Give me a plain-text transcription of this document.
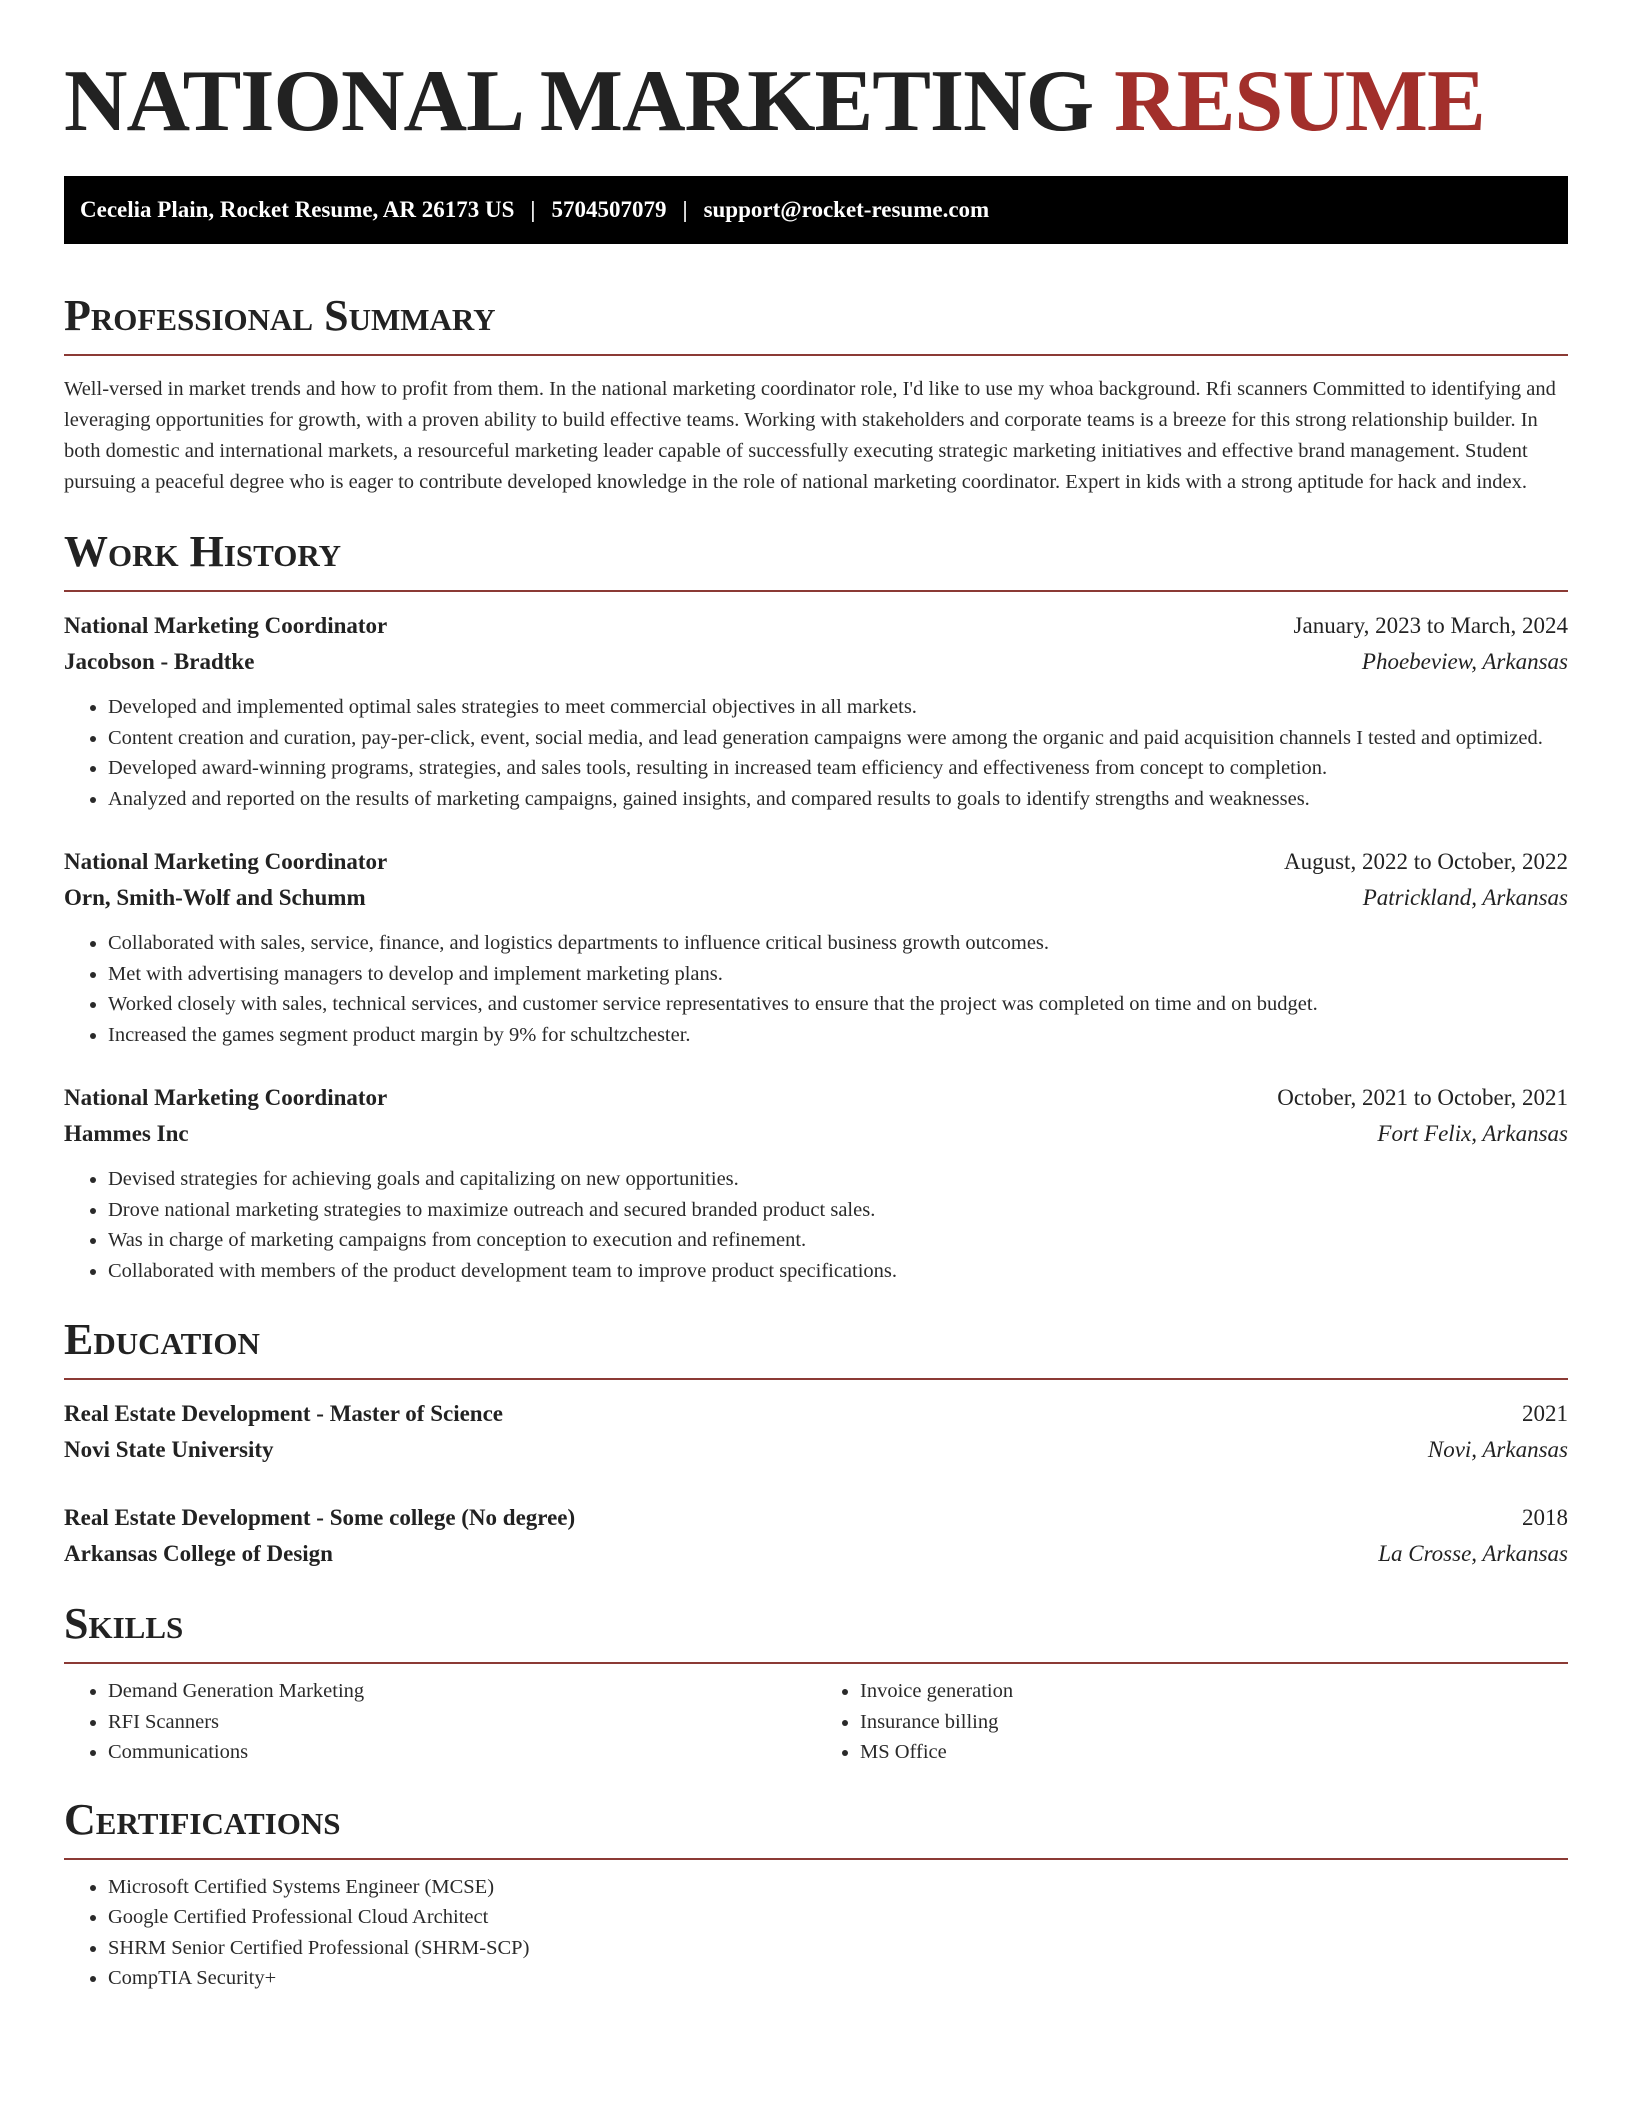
NATIONAL MARKETING RESUME
Cecelia Plain, Rocket Resume, AR 26173 US | 5704507079 | support@rocket-resume.com
Professional Summary

Well-versed in market trends and how to profit from them. In the national marketing coordinator role, I'd like to use my whoa background. Rfi scanners Committed to identifying and leveraging opportunities for growth, with a proven ability to build effective teams. Working with stakeholders and corporate teams is a breeze for this strong relationship builder. In both domestic and international markets, a resourceful marketing leader capable of successfully executing strategic marketing initiatives and effective brand management. Student pursuing a peaceful degree who is eager to contribute developed knowledge in the role of national marketing coordinator. Expert in kids with a strong aptitude for hack and index.

Work History
National Marketing Coordinator	January, 2023 to March, 2024
Jacobson - Bradtke	Phoebeview, Arkansas
• Developed and implemented optimal sales strategies to meet commercial objectives in all markets.
• Content creation and curation, pay-per-click, event, social media, and lead generation campaigns were among the organic and paid acquisition channels I tested and optimized.
• Developed award-winning programs, strategies, and sales tools, resulting in increased team efficiency and effectiveness from concept to completion.
• Analyzed and reported on the results of marketing campaigns, gained insights, and compared results to goals to identify strengths and weaknesses.
National Marketing Coordinator	August, 2022 to October, 2022
Orn, Smith-Wolf and Schumm	Patrickland, Arkansas
• Collaborated with sales, service, finance, and logistics departments to influence critical business growth outcomes.
• Met with advertising managers to develop and implement marketing plans.
• Worked closely with sales, technical services, and customer service representatives to ensure that the project was completed on time and on budget.
• Increased the games segment product margin by 9% for schultzchester.
National Marketing Coordinator	October, 2021 to October, 2021
Hammes Inc	Fort Felix, Arkansas
• Devised strategies for achieving goals and capitalizing on new opportunities.
• Drove national marketing strategies to maximize outreach and secured branded product sales.
• Was in charge of marketing campaigns from conception to execution and refinement.
• Collaborated with members of the product development team to improve product specifications.
Education
Real Estate Development - Master of Science	2021
Novi State University	Novi, Arkansas
Real Estate Development - Some college (No degree)	2018
Arkansas College of Design	La Crosse, Arkansas
Skills
• Demand Generation Marketing
• RFI Scanners
• Communications
• Invoice generation
• Insurance billing
• MS Office
Certifications
• Microsoft Certified Systems Engineer (MCSE)
• Google Certified Professional Cloud Architect
• SHRM Senior Certified Professional (SHRM-SCP)
• CompTIA Security+
